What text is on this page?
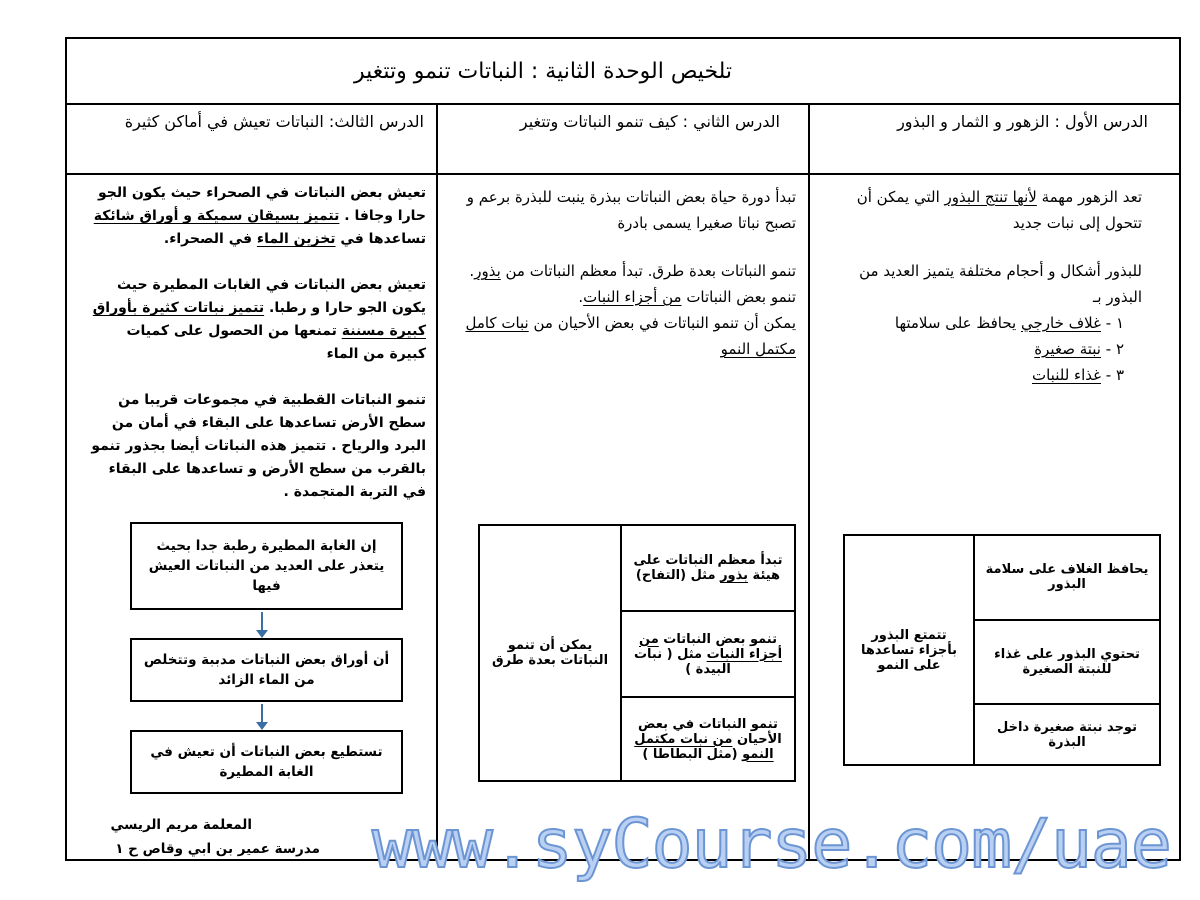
تلخيص الوحدة الثانية : النباتات تنمو وتتغير
الدرس الأول : الزهور و الثمار و البذور
الدرس الثاني : كيف تنمو النباتات وتتغير
الدرس الثالث: النباتات تعيش في أماكن كثيرة

تعد الزهور مهمة لأنها تنتج البذور التي يمكن أن تتحول إلى نبات جديد

للبذور أشكال و أحجام مختلفة يتميز العديد من البذور بـ

١ - غلاف خارجي يحافظ على سلامتها

٢ - نبتة صغيرة

٣ - غذاء للنبات

يحافظ الغلاف على سلامة البذور	تتمتع البذور بأجزاء تساعدها على النمو
تحتوي البذور على غذاء للنبتة الصغيرة
توجد نبتة صغيرة داخل البذرة

تبدأ دورة حياة بعض النباتات ببذرة ينبت للبذرة برعم و تصبح نباتا صغيرا يسمى بادرة

تنمو النباتات بعدة طرق. تبدأ معظم النباتات من بذور. تنمو بعض النباتات من أجزاء النبات.

يمكن أن تنمو النباتات في بعض الأحيان من نبات كامل مكتمل النمو

تبدأ معظم النباتات على هيئة بذور مثل (التفاح)	يمكن أن تنمو النباتات بعدة طرق
تنمو بعض النباتات من أجزاء النبات مثل ( نبات البيدة )
تنمو النباتات في بعض الأحيان من نبات مكتمل النمو (مثل البطاطا )

تعيش بعض النباتات في الصحراء حيث يكون الجو حارا وجافا . تتميز بسيقان سميكة و أوراق شائكة تساعدها في تخزين الماء في الصحراء.

تعيش بعض النباتات في الغابات المطيرة حيث يكون الجو حارا و رطبا. تتميز نباتات كثيرة بأوراق كبيرة مسننة تمنعها من الحصول على كميات كبيرة من الماء

تنمو النباتات القطبية في مجموعات قريبا من سطح الأرض تساعدها على البقاء في أمان من البرد والرياح . تتميز هذه النباتات أيضا بجذور تنمو بالقرب من سطح الأرض و تساعدها على البقاء في التربة المتجمدة .

إن الغابة المطيرة رطبة جدا بحيث يتعذر على العديد من النباتات العيش فيها
أن أوراق بعض النباتات مدببة وتتخلص من الماء الزائد
تستطيع بعض النباتات أن تعيش في الغابة المطيرة
المعلمة مريم الريسي
مدرسة عمير بن ابي وقاص ح ١ www.syCourse.com/uae
